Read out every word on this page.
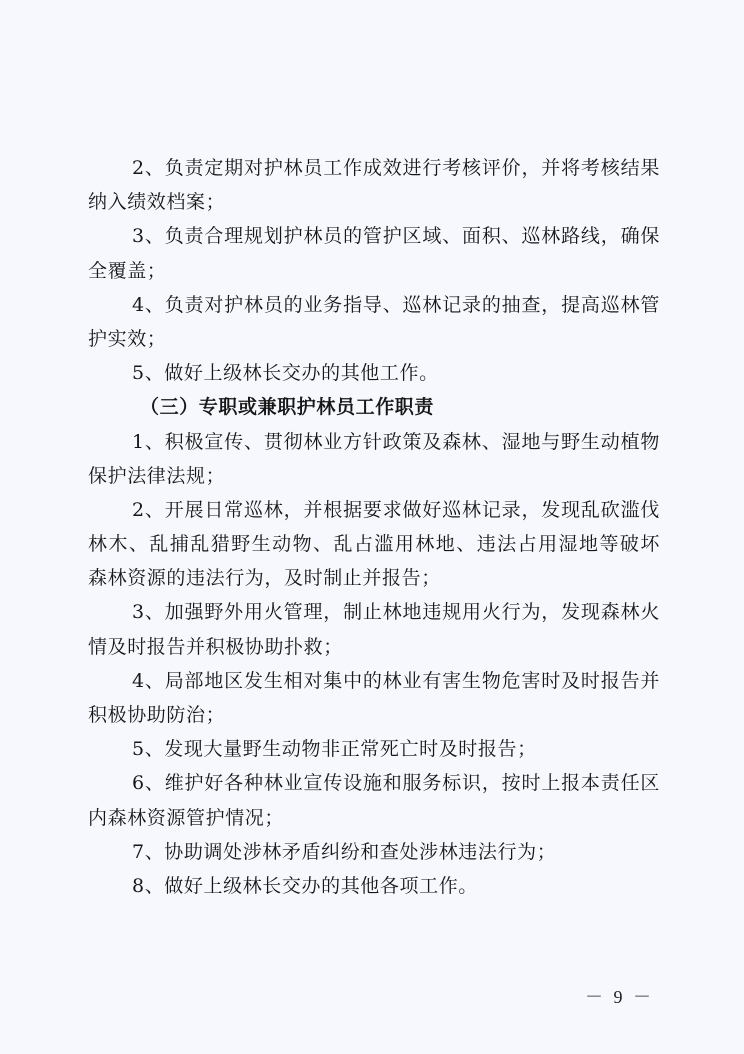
2、负责定期对护林员工作成效进行考核评价，并将考核结果
纳入绩效档案；
3、负责合理规划护林员的管护区域、面积、巡林路线，确保
全覆盖；
4、负责对护林员的业务指导、巡林记录的抽查，提高巡林管
护实效；
5、做好上级林长交办的其他工作。
（三）专职或兼职护林员工作职责
1、积极宣传、贯彻林业方针政策及森林、湿地与野生动植物
保护法律法规；
2、开展日常巡林，并根据要求做好巡林记录，发现乱砍滥伐
林木、乱捕乱猎野生动物、乱占滥用林地、违法占用湿地等破坏
森林资源的违法行为，及时制止并报告；
3、加强野外用火管理，制止林地违规用火行为，发现森林火
情及时报告并积极协助扑救；
4、局部地区发生相对集中的林业有害生物危害时及时报告并
积极协助防治；
5、发现大量野生动物非正常死亡时及时报告；
6、维护好各种林业宣传设施和服务标识，按时上报本责任区
内森林资源管护情况；
7、协助调处涉林矛盾纠纷和查处涉林违法行为；
8、做好上级林长交办的其他各项工作。
－ 9 －
